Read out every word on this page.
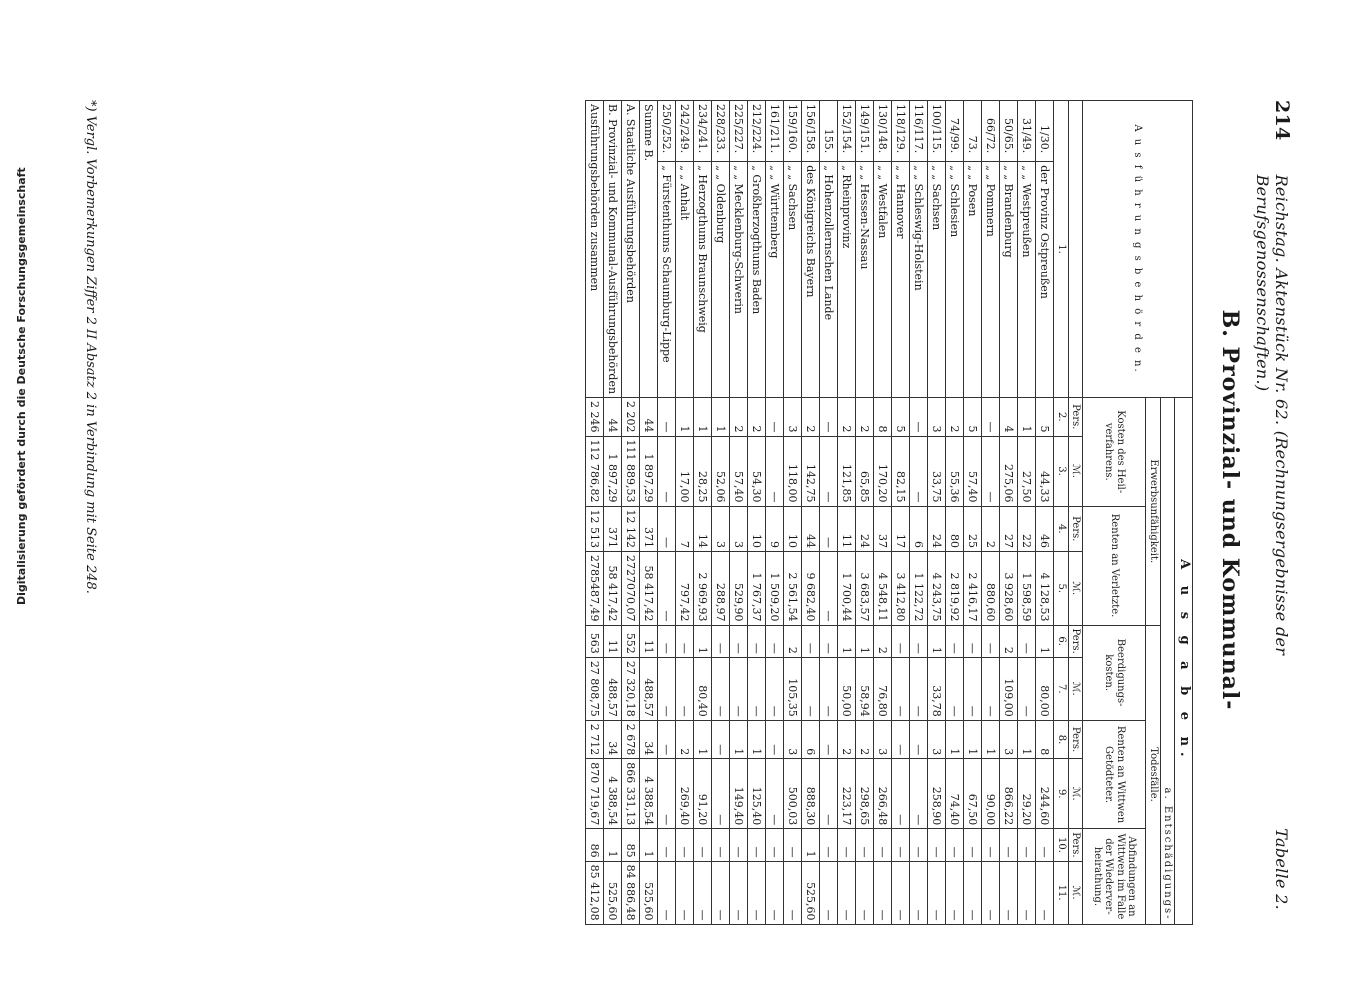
214
Reichstag. Aktenstück Nr. 62. (Rechnungsergebnisse der Berufsgenossenschaften.)
Tabelle 2.
B. Provinzial- und Kommunal-
A u s f ü h r u n g s b e h ö r d e n.		A u s g a b e n.									
		a. Entschädigungs-									
		Erwerbsunfähigkeit.				Todesfälle.					
		Kosten des Heil-verfahrens.		Renten an Verletzte.		Beerdigungs-kosten.		Renten an Wittwen Getödteter.		Abfindungen an Wittwen im Falle der Wiederver-heirathung.	
		Pers.	ℳ.	Pers.	ℳ.	Pers.	ℳ.	Pers.	ℳ.	Pers.	ℳ.
1.		2.	3.	4.	5.	6.	7.	8.	9.	10.	11.
1/30.	der Provinz Ostpreußen	5	44,33	46	4 128,53	1	80,00	8	244,60	—	—
31/49.	„ „ Westpreußen	1	27,50	22	1 598,59	—	—	1	29,20	—	—
50/65.	„ „ Brandenburg	4	275,06	27	3 928,60	2	109,00	3	866,22	—	—
66/72.	„ „ Pommern	—	—	2	880,60	—	—	1	90,00	—	—
73.	„ „ Posen	5	57,40	25	2 416,17	—	—	1	67,50	—	—
74/99.	„ „ Schlesien	2	55,36	80	2 819,92	—	—	1	74,40	—	—
100/115.	„ „ Sachsen	3	33,75	24	4 243,75	1	33,78	3	258,90	—	—
116/117.	„ „ Schleswig-Holstein	—	—	6	1 122,72	—	—	—	—	—	—
118/129.	„ „ Hannover	5	82,15	17	3 412,80	—	—	—	—	—	—
130/148.	„ „ Westfalen	8	170,20	37	4 548,11	2	76,80	3	266,48	—	—
149/151.	„ „ Hessen-Nassau	2	65,85	24	3 683,57	1	58,94	2	298,65	—	—
152/154.	„ Rheinprovinz	2	121,85	11	1 700,44	1	50,00	2	223,17	—	—
155.	„ Hohenzollernschen Lande	—	—	—	—	—	—	—	—	—	—
156/158.	des Königreichs Bayern	2	142,75	44	9 682,40	—	—	6	888,30	1	525,60
159/160.	„ „ Sachsen	3	118,00	10	2 561,54	2	105,35	3	500,03	—	—
161/211.	„ „ Württemberg	—	—	9	1 509,20	—	—	—	—	—	—
212/224.	„ Großherzogthums Baden	2	54,30	10	1 767,37	—	—	1	125,40	—	—
225/227.	„ „ Mecklenburg-Schwerin	2	57,40	3	529,90	—	—	1	149,40	—	—
228/233.	„ „ Oldenburg	1	52,06	3	288,97	—	—	—	—	—	—
234/241.	„ Herzogthums Braunschweig	1	28,25	14	2 969,93	1	80,40	1	91,20	—	—
242/249.	„ „ Anhalt	1	17,00	7	797,42	—	—	2	269,40	—	—
250/252.	„ Fürstenthums Schaumburg-Lippe	—	—	—	—	—	—	—	—	—	—
Summe B.		44	1 897,29	371	58 417,42	11	488,57	34	4 388,54	1	525,60
A. Staatliche Ausführungsbehörden		2 202	111 889,53	12 142	2727070,07	552	27 320,18	2 678	866 331,13	85	84 886,48
B. Provinzial- und Kommunal-Ausführungsbehörden		44	1 897,29	371	58 417,42	11	488,57	34	4 388,54	1	525,60
Ausführungsbehörden zusammen		2 246	112 786,82	12 513	2785487,49	563	27 808,75	2 712	870 719,67	86	85 412,08
*) Vergl. Vorbemerkungen Ziffer 2 II Absatz 2 in Verbindung mit Seite 248.
Digitalisierung gefördert durch die Deutsche Forschungsgemeinschaft
